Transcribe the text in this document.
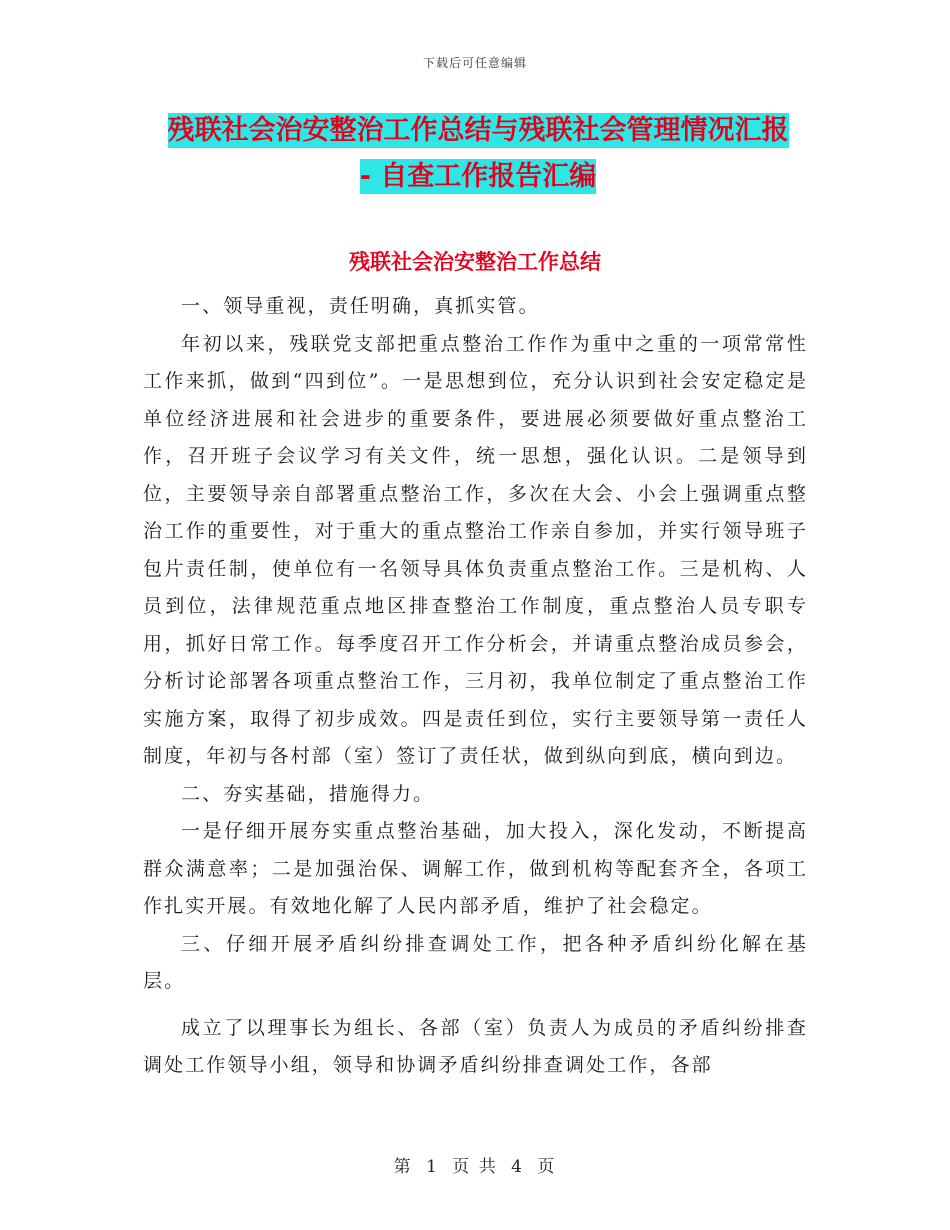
下载后可任意编辑
残联社会治安整治工作总结与残联社会管理情况汇报
- 自查工作报告汇编
残联社会治安整治工作总结

一、领导重视，责任明确，真抓实管。

年初以来，残联党支部把重点整治工作作为重中之重的一项常常性工作来抓，做到“四到位”。一是思想到位，充分认识到社会安定稳定是单位经济进展和社会进步的重要条件，要进展必须要做好重点整治工作，召开班子会议学习有关文件，统一思想，强化认识。二是领导到位，主要领导亲自部署重点整治工作，多次在大会、小会上强调重点整治工作的重要性，对于重大的重点整治工作亲自参加，并实行领导班子包片责任制，使单位有一名领导具体负责重点整治工作。三是机构、人员到位，法律规范重点地区排查整治工作制度，重点整治人员专职专用，抓好日常工作。每季度召开工作分析会，并请重点整治成员参会，分析讨论部署各项重点整治工作，三月初，我单位制定了重点整治工作实施方案，取得了初步成效。四是责任到位，实行主要领导第一责任人制度，年初与各村部（室）签订了责任状，做到纵向到底，横向到边。

二、夯实基础，措施得力。

一是仔细开展夯实重点整治基础，加大投入，深化发动，不断提高群众满意率；二是加强治保、调解工作，做到机构等配套齐全，各项工作扎实开展。有效地化解了人民内部矛盾，维护了社会稳定。

三、仔细开展矛盾纠纷排查调处工作，把各种矛盾纠纷化解在基层。

成立了以理事长为组长、各部（室）负责人为成员的矛盾纠纷排查调处工作领导小组，领导和协调矛盾纠纷排查调处工作，各部

第 1 页 共 4 页
